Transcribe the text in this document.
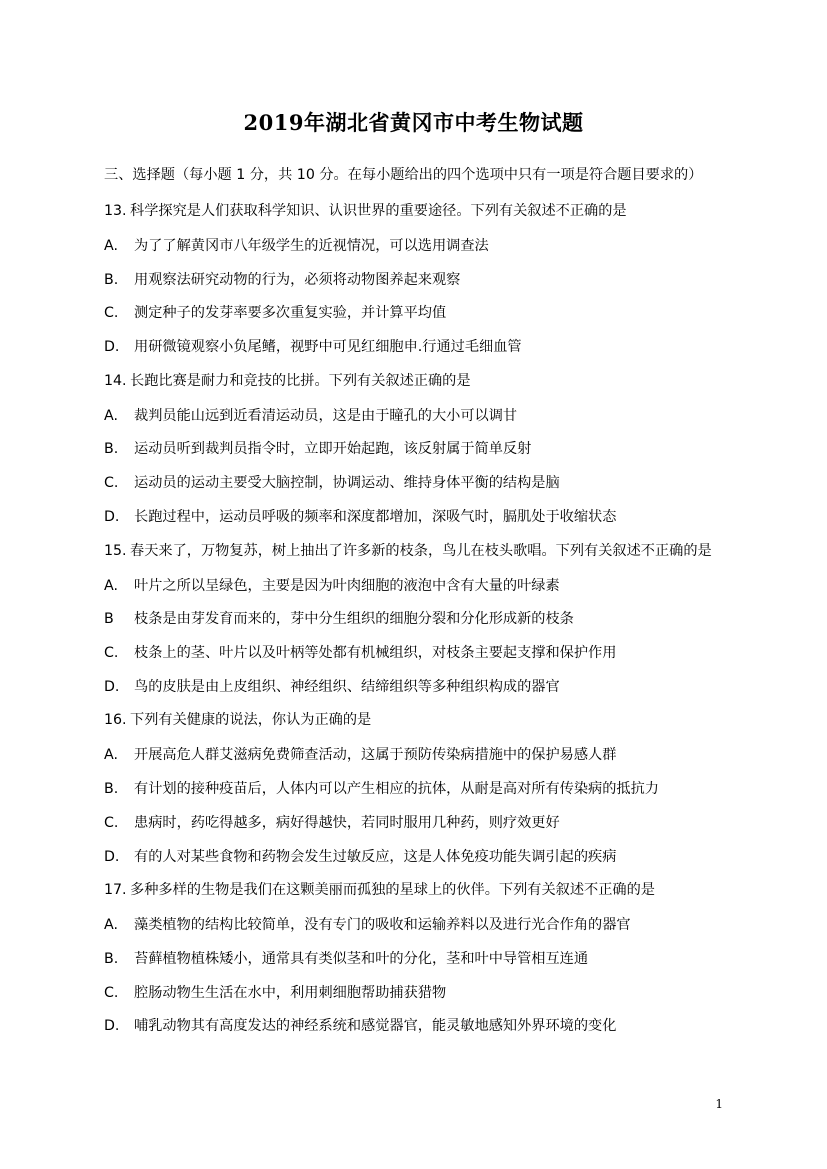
2019年湖北省黄冈市中考生物试题

三、选择题（每小题 1 分，共 10 分。在每小题给出的四个选项中只有一项是符合题目要求的）

13. 科学探究是人们获取科学知识、认识世界的重要途径。下列有关叙述不正确的是

A.	为了了解黄冈市八年级学生的近视情况，可以选用调查法

B.	用观察法研究动物的行为，必须将动物图养起来观察

C.	测定种子的发芽率要多次重复实验，并计算平均值

D.	用研微镜观察小负尾鳍，视野中可见红细胞申.行通过毛细血管

14. 长跑比赛是耐力和竞技的比拼。下列有关叙述正确的是

A.	裁判员能山远到近看清运动员，这是由于瞳孔的大小可以调甘

B.	运动员听到裁判员指令时，立即开始起跑，该反射属于简单反射

C.	运动员的运动主要受大脑控制，协调运动、维持身体平衡的结构是脑

D.	长跑过程中，运动员呼吸的频率和深度都增加，深吸气时，膈肌处于收缩状态

15. 春天来了，万物复苏，树上抽出了许多新的枝条，鸟儿在枝头歌唱。下列有关叙述不正确的是

A.	叶片之所以呈绿色，主要是因为叶肉细胞的液泡中含有大量的叶绿素

B	枝条是由芽发育而来的，芽中分生组织的细胞分裂和分化形成新的枝条

C.	枝条上的茎、叶片以及叶柄等处都有机械组织，对枝条主要起支撑和保护作用

D.	鸟的皮肤是由上皮组织、神经组织、结缔组织等多种组织构成的器官

16. 下列有关健康的说法，你认为正确的是

A.	开展高危人群艾滋病免费筛查活动，这属于预防传染病措施中的保护易感人群

B.	有计划的接种疫苗后，人体内可以产生相应的抗体，从耐是高对所有传染病的抵抗力

C.	患病时，药吃得越多，病好得越快，若同时服用几种药，则疗效更好

D.	有的人对某些食物和药物会发生过敏反应，这是人体免疫功能失调引起的疾病

17. 多种多样的生物是我们在这颗美丽而孤独的星球上的伙伴。下列有关叙述不正确的是

A.	藻类植物的结构比较简单，没有专门的吸收和运输养料以及进行光合作角的器官

B.	苔藓植物植株矮小，通常具有类似茎和叶的分化，茎和叶中导管相互连通

C.	腔肠动物生生活在水中，利用刺细胞帮助捕获猎物

D.	哺乳动物其有高度发达的神经系统和感觉器官，能灵敏地感知外界环境的变化

1
